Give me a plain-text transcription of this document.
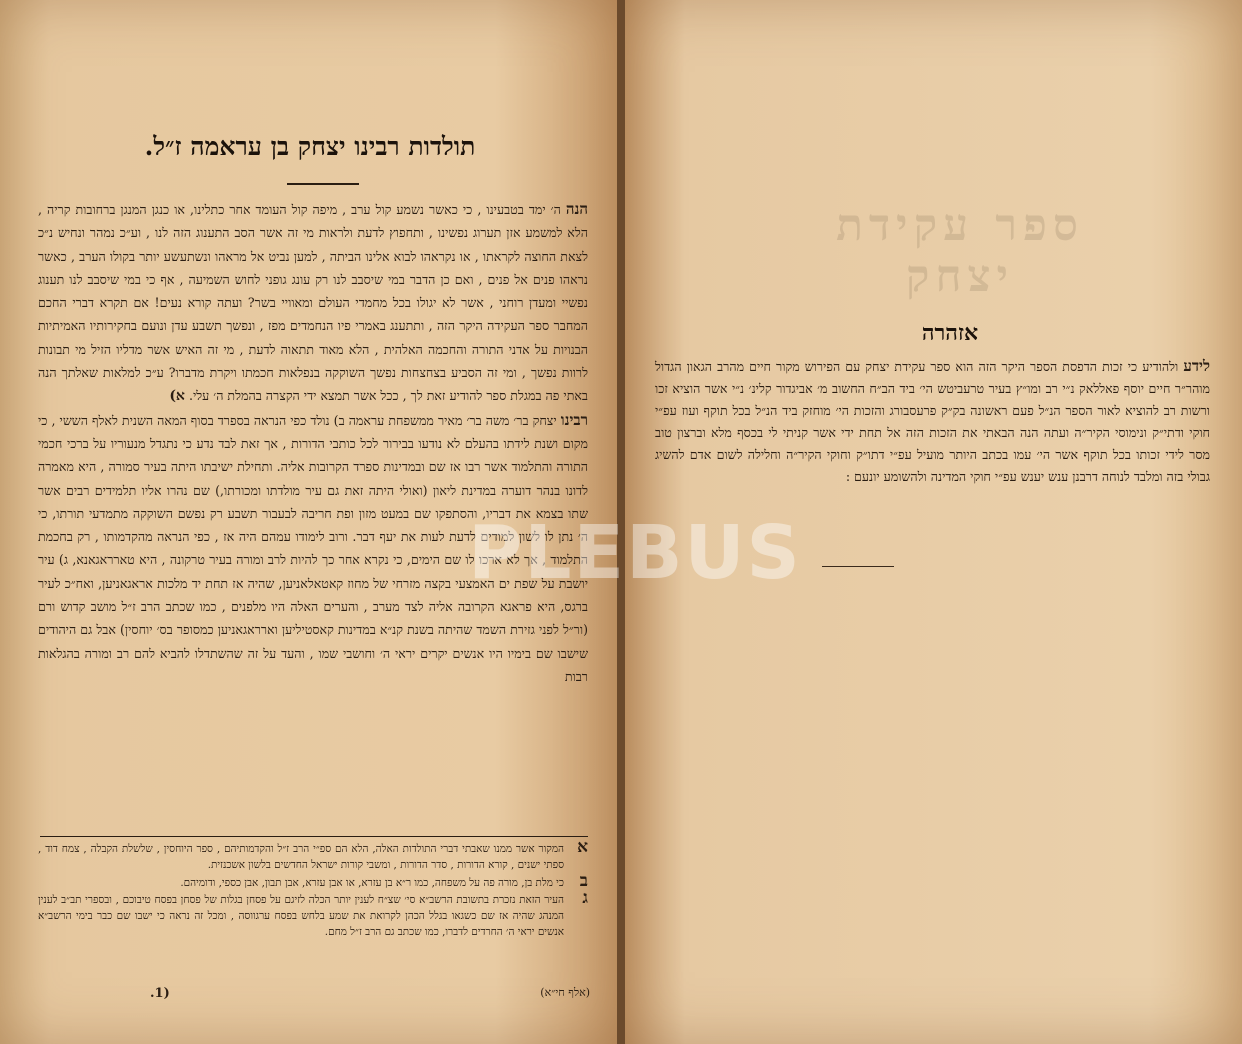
תולדות רבינו יצחק בן עראמה ז״ל.

הנה ה׳ ימד בטבעינו , כי כאשר נשמע קול ערב , מיפה קול העומד אחר כתלינו, או כנגן המנגן ברחובות קריה , הלא למשמע אזן תערוג נפשינו , ותחפוץ לדעת ולראות מי זה אשר הסב התענוג הזה לנו , וע״כ נמהר ונחיש נ״כ לצאת החוצה לקראתו , או נקראהו לבוא אלינו הביתה , למען נביט אל מראהו ונשתעשע יותר בקולו הערב , כאשר נראהו פנים אל פנים , ואם כן הדבר במי שיסבב לנו רק עונג גופני לחוש השמיעה , אף כי במי שיסבב לנו תענוג נפשיי ומעדן רוחני , אשר לא יגולו בכל מחמדי העולם ומאוויי בשר? ועתה קורא נעים! אם תקרא דברי החכם המחבר ספר העקידה היקר הזה , ותתענג באמרי פיו הנחמדים מפז , ונפשך תשבע עדן ונועם בחקירותיו האמיתיות הבנויות על אדני התורה והחכמה האלהית , הלא מאוד תתאוה לדעת , מי זה האיש אשר מדליו הזיל מי תבונות לרוות נפשך , ומי זה הסביע בצחצחות נפשך השוקקה בנפלאות חכמתו ויקרת מדברו? ע״כ למלאות שאלתך הנה באתי פה במגלת ספר להודיע זאת לך , ככל אשר תמצא ידי הקצרה בהמלת ה׳ עלי. א)

רבינו יצחק בר׳ משה בר׳ מאיר ממשפחת עראמה ב) נולד כפי הנראה בספרד בסוף המאה השנית לאלף הששי , כי מקום ושנת לידתו בהעלם לא נודעו בבירור לכל כותבי הדורות , אך זאת לבד נדע כי נתגדל מנעוריו על ברכי חכמי התורה והתלמוד אשר רבו אז שם ובמדינות ספרד הקרובות אליה. ותחילת ישיבתו היתה בעיר סמורה , היא מאמרה לדונו בנהר דוערה במדינת ליאון (ואולי היתה זאת גם עיר מולדתו ומכורתו,) שם נהרו אליו תלמידים רבים אשר שתו בצמא את דבריו, והסתפקו שם במעט מזון ופת חריבה לבעבור תשבע רק נפשם השוקקה מתמדעי תורתו, כי ה׳ נתן לו לשון למודים לדעת לעות את יעף דבר. ורוב לימודו עמהם היה אז , כפי הנראה מהקדמותו , רק בחכמת התלמוד , אך לא ארכו לו שם הימים, כי נקרא אחר כך להיות לרב ומורה בעיר טרקונה , היא טארראגאנא, ג) עיר יושבת על שפת ים האמצעי בקצה מזרחי של מחוז קאטאלאניען, שהיה אז תחת יד מלכות אראגאניען, ואח״כ לעיר ברגס, היא פראגא הקרובה אליה לצד מערב , והערים האלה היו מלפנים , כמו שכתב הרב ז״ל מושב קדוש ורם (ור״ל לפני גזירת השמד שהיתה בשנת קנ״א במדינות קאסטיליען וארראגאניען כמסופר בס׳ יוחסין) אבל גם היהודים שישבו שם בימיו היו אנשים יקרים יראי ה׳ וחושבי שמו , והעד על זה שהשתדלו להביא להם רב ומורה בהגלאות רבות

א
המקור אשר ממנו שאבתי דברי התולדות האלה, הלא הם ספ״י הרב ז״ל והקדמותיהם , ספר היוחסין , שלשלת הקבלה , צמח דוד , ספתי ישנים , קורא הדורות , סדר הדורות , ומשבי קורות ישראל החדשים בלשון אשכנזית.
ב
כי מלת בן, מורה פה על משפחה, כמו ר״א בן עזרא, או אבן עזרא, אבן תבון, אבן כספי, ודומיהם.
ג
העיר הזאת נזכרת בתשובת הרשב״א סי׳ שצ״ח לענין יותר הכלה לזיגם על פסחן בגלות של פסחן בפסח טיבוכם , ובספרי תב״ב לענין המנהג שהיה אז שם כשגאו בגלל הכהן לקרואת את שמע בלחש בפסח ערגווסה , ומכל זה נראה כי ישבו שם כבר בימי הרשב״א אנשים יראי ה׳ החרדים לדברו, כמו שכתב גם הרב ז״ל מחם.
(אלף חי״א)
(1.
ספר עקידת יצחק
אזהרה
לידע ולהודיע כי זכות הדפסת הספר היקר הזה הוא ספר עקידת יצחק עם הפירוש מקור חיים מהרב הגאון הגדול מוהר״ר חיים יוסף פאללאק נ״י רב ומו״ץ בעיר טרעביטש הי׳ ביד הב״ח החשוב מ׳ אביגדור קלינ׳ נ״י אשר הוציא זכו ורשות רב להוציא לאור הספר הנ״ל פעם ראשונה בק״ק פרעסבורג והזכות הי׳ מוחזק ביד הנ״ל בכל תוקף ועוז עפ״י חוקי ודתי״ק ונימוסי הקיר״ה ועתה הנה הבאתי את הזכות הזה אל תחת ידי אשר קניתי לי בכסף מלא וברצון טוב מסר לידי זכותו בכל תוקף אשר הי׳ עמו בכתב היותר מועיל עפ״י דתו״ק וחוקי הקיר״ה וחלילה לשום אדם להשיג גבולי בזה ומלבד לנוחה דרבנן ענש יענש עפ״י חוקי המדינה ולהשומע יונעם :
PLEBUS
